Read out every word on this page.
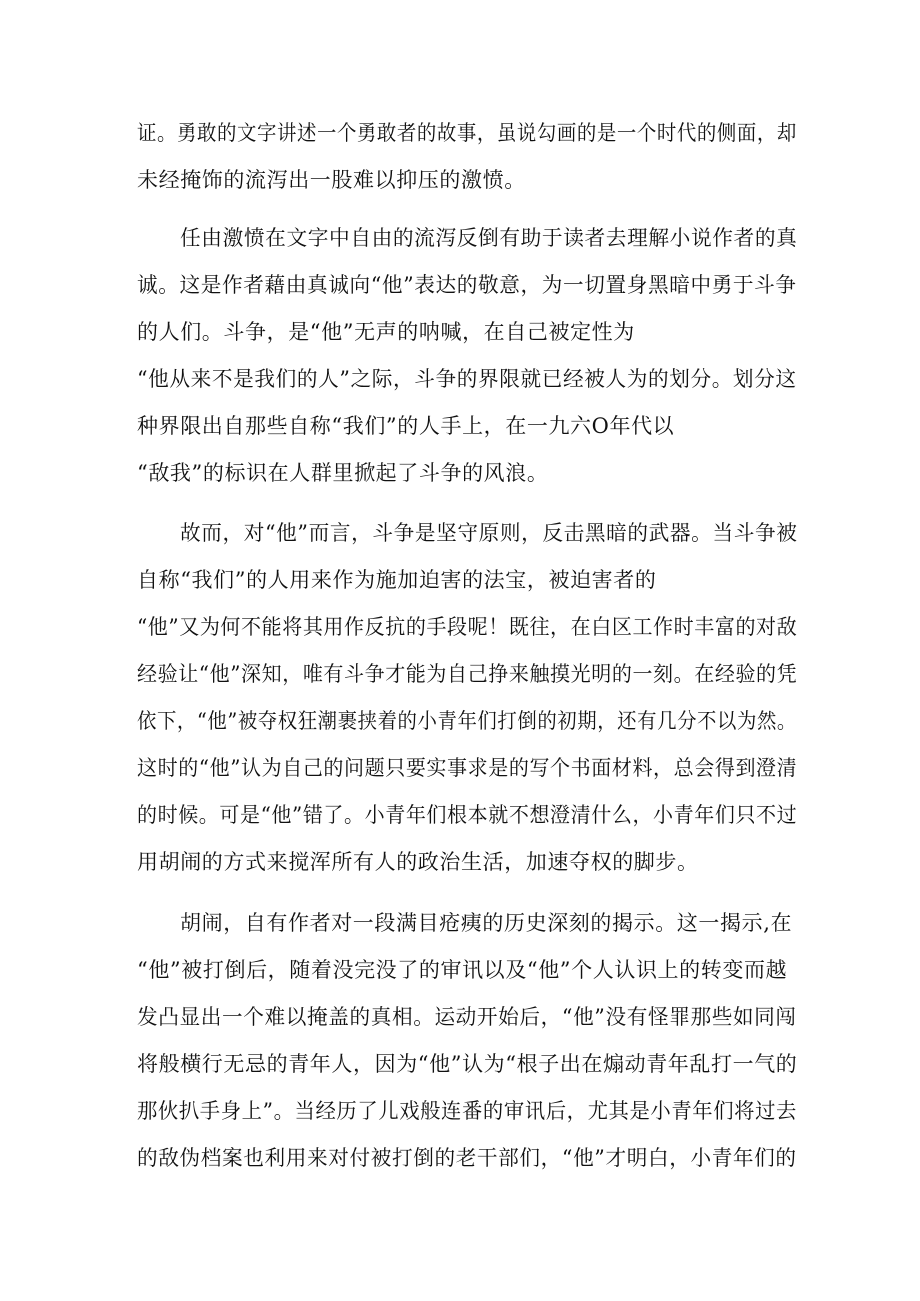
证。勇敢的文字讲述一个勇敢者的故事，虽说勾画的是一个时代的侧面，却
未经掩饰的流泻出一股难以抑压的激愤。
任由激愤在文字中自由的流泻反倒有助于读者去理解小说作者的真
诚。这是作者藉由真诚向“他”表达的敬意，为一切置身黑暗中勇于斗争
的人们。斗争，是“他”无声的呐喊，在自己被定性为
“他从来不是我们的人”之际，斗争的界限就已经被人为的划分。划分这
种界限出自那些自称“我们”的人手上，在一九六O年代以
“敌我”的标识在人群里掀起了斗争的风浪。
故而，对“他”而言，斗争是坚守原则，反击黑暗的武器。当斗争被
自称“我们”的人用来作为施加迫害的法宝，被迫害者的
“他”又为何不能将其用作反抗的手段呢！既往，在白区工作时丰富的对敌
经验让“他”深知，唯有斗争才能为自己挣来触摸光明的一刻。在经验的凭
依下，“他”被夺权狂潮裹挟着的小青年们打倒的初期，还有几分不以为然。
这时的“他”认为自己的问题只要实事求是的写个书面材料，总会得到澄清
的时候。可是“他”错了。小青年们根本就不想澄清什么，小青年们只不过
用胡闹的方式来搅浑所有人的政治生活，加速夺权的脚步。
胡闹，自有作者对一段满目疮痍的历史深刻的揭示。这一揭示,在
“他”被打倒后，随着没完没了的审讯以及“他”个人认识上的转变而越
发凸显出一个难以掩盖的真相。运动开始后，“他”没有怪罪那些如同闯
将般横行无忌的青年人，因为“他”认为“根子出在煽动青年乱打一气的
那伙扒手身上”。当经历了儿戏般连番的审讯后，尤其是小青年们将过去
的敌伪档案也利用来对付被打倒的老干部们，“他”才明白，小青年们的
